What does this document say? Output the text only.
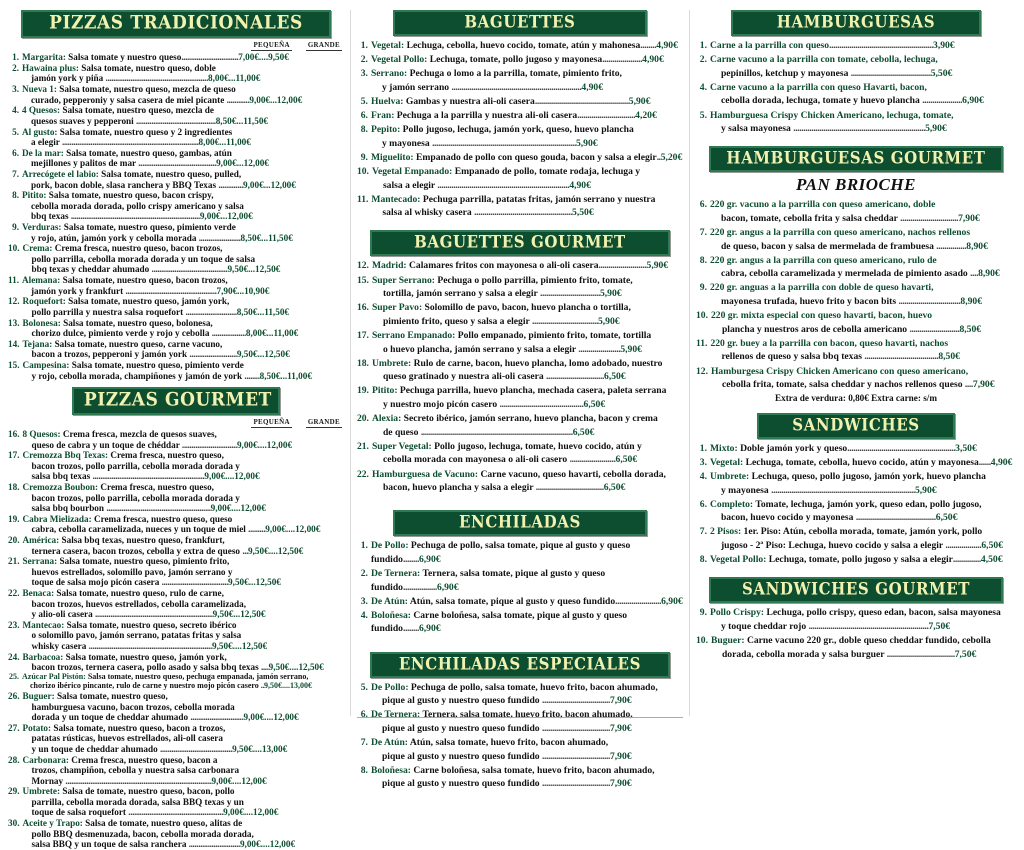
PIZZAS TRADICIONALES
PEQUEÑA	GRANDE
1. Margarita: Salsa tomate y nuestro queso..............................7,00€....9,50€
2. Hawaina plus: Salsa tomate, nuestro queso, doble
jamón york y piña ......................................................8,00€...11,00€
3. Nueva 1: Salsa tomate, nuestro queso, mezcla de queso
curado, pepperoniy y salsa casera de miel picante ............9,00€...12,00€
4. 4 Quesos: Salsa tomate, nuestro queso, mezcla de
quesos suaves y pepperoni ..........................................8,50€...11,50€
5. Al gusto: Salsa tomate, nuestro queso y 2 ingredientes
a elegir ........................................................................8,00€...11,00€
6. De la mar: Salsa tomate, nuestro queso, gambas, atún
mejillones y palitos de mar .........................................9,00€...12,00€
7. Arrecógete el labio: Salsa tomate, nuestro queso, pulled,
pork, bacon doble, slasa ranchera y BBQ Texas .............9,00€...12,00€
8. Pitito: Salsa tomate, nuestro queso, bacon crispy,
cebolla morada dorada, pollo crispy americano y salsa
bbq texas ....................................................................9,00€...12,00€
9. Verduras: Salsa tomate, nuestro queso, pimiento verde
y rojo, atún, jamón york y cebolla morada ......................8,50€...11,50€
10. Crema: Crema fresca, nuestro queso, bacon trozos,
pollo parrilla, cebolla morada dorada y un toque de salsa
bbq texas y cheddar ahumado ........................................9,50€...12,50€
11. Alemana: Salsa tomate, nuestro queso, bacon trozos,
jamón york y frankfurt ................................................7,90€...10,90€
12. Roquefort: Salsa tomate, nuestro queso, jamón york,
pollo parrilla y nuestra salsa roquefort ...........................8,50€...11,50€
13. Bolonesa: Salsa tomate, nuestro queso, bolonesa,
chorizo dulce, pimiento verde y rojo y cebolla ..................8,00€...11,00€
14. Tejana: Salsa tomate, nuestro queso, carne vacuno,
bacon a trozos, pepperoni y jamón york .........................9,50€...12,50€
15. Campesina: Salsa tomate, nuestro queso, pimiento verde
y rojo, cebolla morada, champiñones y jamón de york ........8,50€...11,00€
PIZZAS GOURMET
PEQUEÑA	GRANDE
16. 8 Quesos: Crema fresca, mezcla de quesos suaves,
queso de cabra y un toque de chéddar .............................9,00€....12,00€
17. Cremozza Bbq Texas: Crema fresca, nuestro queso,
bacon trozos, pollo parrilla, cebolla morada dorada y
salsa bbq texas ...........................................................9,00€....12,00€
18. Cremozza Boubon: Crema fresca, nuestro queso,
bacon trozos, pollo parrilla, cebolla morada dorada y
salsa bbq bourbon .......................................................9,00€....12,00€
19. Cabra Mielizada: Crema fresca, nuestro queso, queso
cabra, cebolla caramelizada, nueces y un toque de miel .........9,00€....12,00€
20. América: Salsa bbq texas, nuestro queso, frankfurt,
ternera casera, bacon trozos, cebolla y extra de queso ...9,50€....12,50€
21. Serrana: Salsa tomate, nuestro queso, pimiento frito,
huevos estrellados, solomillo pavo, jamón serrano y
toque de salsa mojo picón casera ...................................9,50€...12,50€
22. Benaca: Salsa tomate, nuestro queso, rulo de carne,
bacon trozos, huevos estrellados, cebolla caramelizada,
y alio-oli casera ..............................................................9,50€...12,50€
23. Mantecao: Salsa tomate, nuestro queso, secreto ibérico
o solomillo pavo, jamón serrano, patatas fritas y salsa
whisky casera .................................................................9,50€....12,50€
24. Barbacoa: Salsa tomate, nuestro queso, jamón york,
bacon trozos, ternera casera, pollo asado y salsa bbq texas ....9,50€....12,50€
25. Azúcar Pal Pistón: Salsa tomate, nuestro queso, pechuga empanada, jamón serrano,
chorizo ibérico pincante, rulo de carne y nuestro mojo picón casero ..9,50€....13,00€
26. Buguer: Salsa tomate, nuestro queso,
hamburguesa vacuno, bacon trozos, cebolla morada
dorada y un toque de cheddar ahumado ............................9,00€....12,00€
27. Potato: Salsa tomate, nuestro queso, bacon a trozos,
patatas rústicas, huevos estrellados, ali-oll casera
y un toque de cheddar ahumado ......................................9,50€....13,00€
28. Carbonara: Crema fresca, nuestro queso, bacon a
trozos, champiñon, cebolla y nuestra salsa carbonara
Mornay .............................................................................9,00€....12,00€
29. Umbrete: Salsa de tomate, nuestro queso, bacon, pollo
parrilla, cebolla morada dorada, salsa BBQ texas y un
toque de salsa roquefort ..................................................9,00€....12,00€
30. Aceite y Trapo: Salsa de tomate, nuestro queso, alitas de
pollo BBQ desmenuzada, bacon, cebolla morada dorada,
salsa BBQ y un toque de salsa ranchera ...........................9,00€....12,00€
BAGUETTES
1. Vegetal: Lechuga, cebolla, huevo cocido, tomate, atún y mahonesa........4,90€
2. Vegetal Pollo: Lechuga, tomate, pollo jugoso y mayonesa....................4,90€
3. Serrano: Pechuga o lomo a la parrilla, tomate, pimiento frito,
y jamón serrano .................................................................4,90€
5. Huelva: Gambas y nuestra ali-oli casera...............................................5,90€
6. Fran: Pechuga a la parrilla y nuestra ali-oli casera.............................4,20€
8. Pepito: Pollo jugoso, lechuga, jamón york, queso, huevo plancha
y mayonesa ........................................................................5,90€
9. Miguelito: Empanado de pollo con queso gouda, bacon y salsa a elegir..5,20€
10. Vegetal Empanado: Empanado de pollo, tomate rodaja, lechuga y
salsa a elegir ..................................................................4,90€
11. Mantecado: Pechuga parrilla, patatas fritas, jamón serrano y nuestra
salsa al whisky casera .................................................5,50€
BAGUETTES GOURMET
12. Madrid: Calamares fritos con mayonesa o ali-oli casera........................5,90€
15. Super Serrano: Pechuga o pollo parrilla, pimiento frito, tomate,
tortilla, jamón serrano y salsa a elegir ..............................5,90€
16. Super Pavo: Solomillo de pavo, bacon, huevo plancha o tortilla,
pimiento frito, queso y salsa a elegir .................................5,90€
17. Serrano Empanado: Pollo empanado, pimiento frito, tomate, tortilla
o huevo plancha, jamón serrano y salsa a elegir .....................5,90€
18. Umbrete: Rulo de carne, bacon, huevo plancha, lomo adobado, nuestro
queso gratinado y nuestra ali-oli casera .............................6,50€
19. Pitito: Pechuga parrilla, huevo plancha, mechada casera, paleta serrana
y nuestro mojo picón casero ..........................................6,50€
20. Alexia: Secreto ibérico, jamón serrano, huevo plancha, bacon y crema
de queso ............................................................................6,50€
21. Super Vegetal: Pollo jugoso, lechuga, tomate, huevo cocido, atún y
cebolla morada con mayonesa o ali-oli casero .......................6,50€
22. Hamburguesa de Vacuno: Carne vacuno, queso havarti, cebolla dorada,
bacon, huevo plancha y salsa a elegir ..................................6,50€
ENCHILADAS
1. De Pollo: Pechuga de pollo, salsa tomate, pique al gusto y queso fundido........6,90€
2. De Ternera: Ternera, salsa tomate, pique al gusto y queso fundido.................6,90€
3. De Atún: Atún, salsa tomate, pique al gusto y queso fundido.......................6,90€
4. Boloñesa: Carne boloñesa, salsa tomate, pique al gusto y queso fundido........6,90€
ENCHILADAS ESPECIALES
5. De Pollo: Pechuga de pollo, salsa tomate, huevo frito, bacon ahumado,
pique al gusto y nuestro queso fundido ..................................7,90€
6. De Ternera: Ternera, salsa tomate, huevo frito, bacon ahumado,
pique al gusto y nuestro queso fundido ..................................7,90€
7. De Atún: Atún, salsa tomate, huevo frito, bacon ahumado,
pique al gusto y nuestro queso fundido ..................................7,90€
8. Boloñesa: Carne boloñesa, salsa tomate, huevo frito, bacon ahumado,
pique al gusto y nuestro queso fundido ..................................7,90€
HAMBURGUESAS
1. Carne a la parrilla con queso....................................................3,90€
2. Carne vacuno a la parrilla con tomate, cebolla, lechuga,
pepinillos, ketchup y mayonesa ........................................5,50€
4. Carne vacuno a la parrilla con queso Havarti, bacon,
cebolla dorada, lechuga, tomate y huevo plancha ....................6,90€
5. Hamburguesa Crispy Chicken Americano, lechuga, tomate,
y salsa mayonesa ..................................................................5,90€
HAMBURGUESAS GOURMET
PAN BRIOCHE
6. 220 gr. vacuno a la parrilla con queso americano, doble
bacon, tomate, cebolla frita y salsa cheddar .............................7,90€
7. 220 gr. angus a la parrilla con queso americano, nachos rellenos
de queso, bacon y salsa de mermelada de frambuesa ...............8,90€
8. 220 gr. angus a la parrilla con queso americano, rulo de
cabra, cebolla caramelizada y mermelada de pimiento asado ....8,90€
9. 220 gr. anguas a la parrilla con doble de queso havarti,
mayonesa trufada, huevo frito y bacon bits ...............................8,90€
10. 220 gr. mixta especial con queso havarti, bacon, huevo
plancha y nuestros aros de cebolla americano .........................8,50€
11. 220 gr. buey a la parrilla con bacon, queso havarti, nachos
rellenos de queso y salsa bbq texas .....................................8,50€
12. Hamburgesa Crispy Chicken Americano con queso americano,
cebolla frita, tomate, salsa cheddar y nachos rellenos queso ....7,90€
Extra de verdura: 0,80€ Extra carne: s/m
SANDWICHES
1. Mixto: Doble jamón york y queso......................................................3,50€
3. Vegetal: Lechuga, tomate, cebolla, huevo cocido, atún y mayonesa......4,90€
4. Umbrete: Lechuga, queso, pollo jugoso, jamón york, huevo plancha
y mayonesa ........................................................................5,90€
6. Completo: Tomate, lechuga, jamón york, queso edan, pollo jugoso,
bacon, huevo cocido y mayonesa ........................................6,50€
7. 2 Pisos: 1er. Piso: Atún, cebolla morada, tomate, jamón york, pollo
jugoso - 2ª Piso: Lechuga, huevo cocido y salsa a elegir ..................6,50€
8. Vegetal Pollo: Lechuga, tomate, pollo jugoso y salsa a elegir..............4,50€
SANDWICHES GOURMET
9. Pollo Crispy: Lechuga, pollo crispy, queso edan, bacon, salsa mayonesa
y toque cheddar rojo ............................................................7,50€
10. Buguer: Carne vacuno 220 gr., doble queso cheddar fundido, cebolla
dorada, cebolla morada y salsa burguer ..................................7,50€
